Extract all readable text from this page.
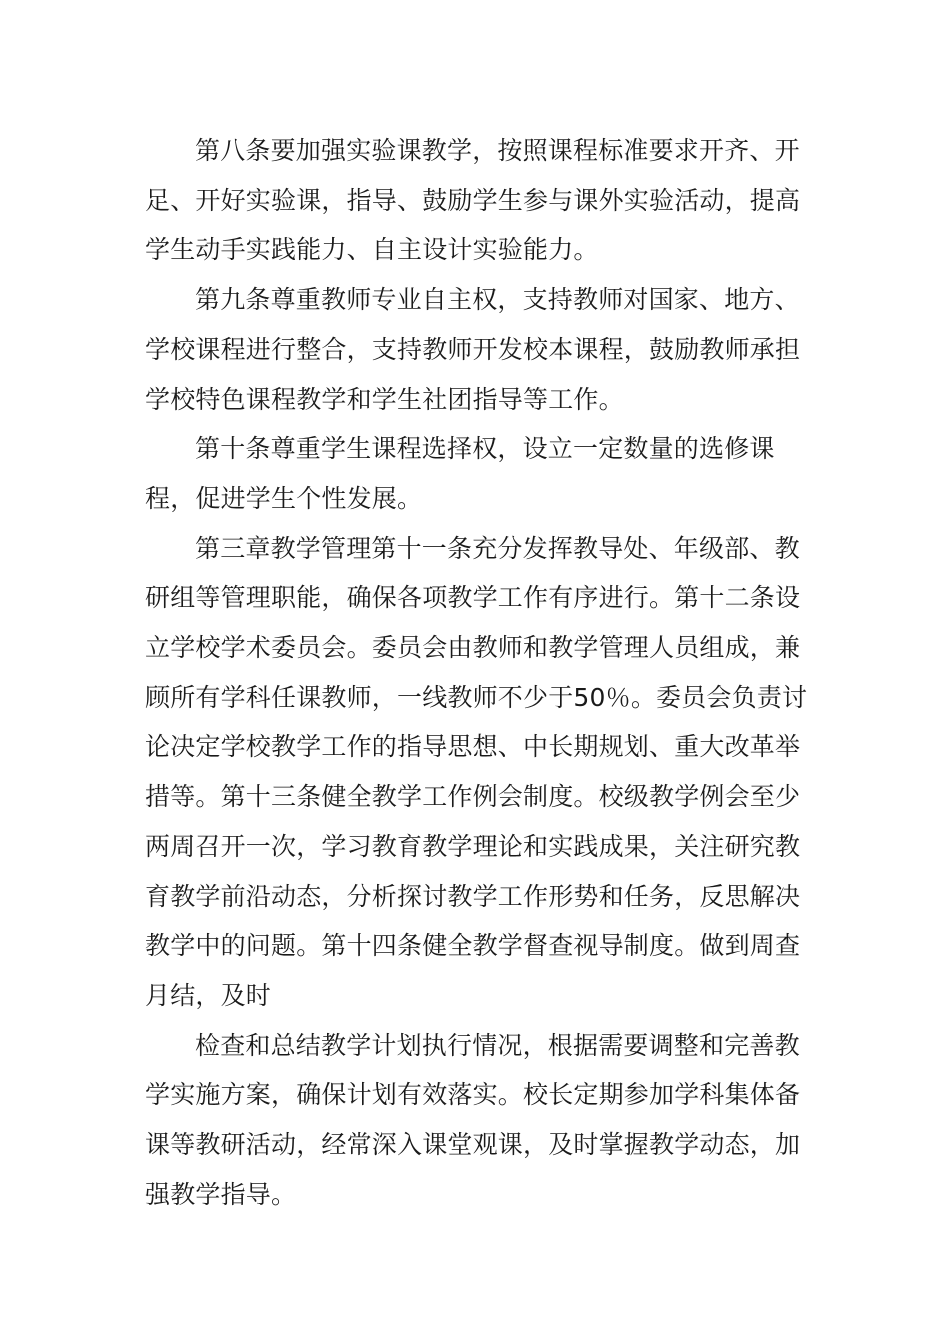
第八条要加强实验课教学，按照课程标准要求开齐、开足、开好实验课，指导、鼓励学生参与课外实验活动，提高学生动手实践能力、自主设计实验能力。

第九条尊重教师专业自主权，支持教师对国家、地方、学校课程进行整合，支持教师开发校本课程，鼓励教师承担学校特色课程教学和学生社团指导等工作。

第十条尊重学生课程选择权，设立一定数量的选修课程，促进学生个性发展。

第三章教学管理第十一条充分发挥教导处、年级部、教研组等管理职能，确保各项教学工作有序进行。第十二条设立学校学术委员会。委员会由教师和教学管理人员组成，兼顾所有学科任课教师，一线教师不少于50％。委员会负责讨论决定学校教学工作的指导思想、中长期规划、重大改革举措等。第十三条健全教学工作例会制度。校级教学例会至少两周召开一次，学习教育教学理论和实践成果，关注研究教育教学前沿动态，分析探讨教学工作形势和任务，反思解决教学中的问题。第十四条健全教学督查视导制度。做到周查月结，及时

检查和总结教学计划执行情况，根据需要调整和完善教学实施方案，确保计划有效落实。校长定期参加学科集体备课等教研活动，经常深入课堂观课，及时掌握教学动态，加强教学指导。
